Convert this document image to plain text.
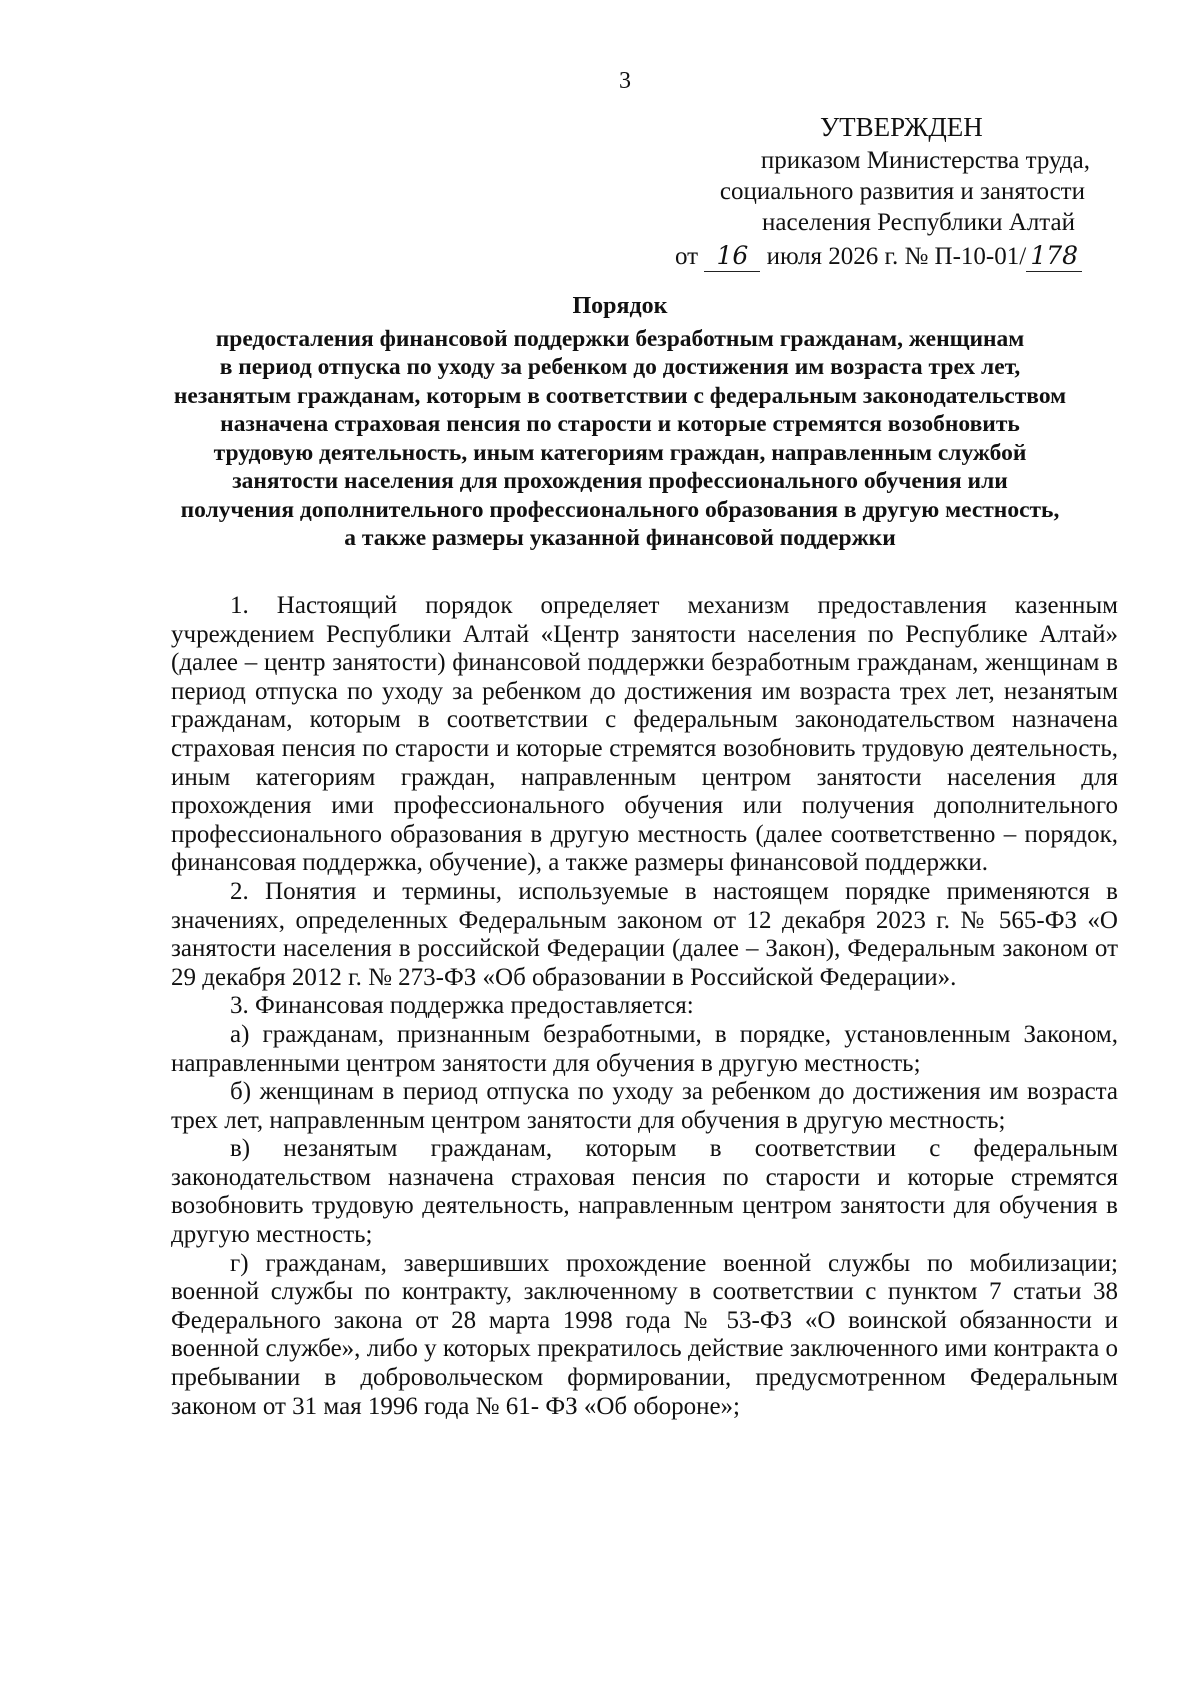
3
УТВЕРЖДЕН
приказом Министерства труда,
социального развития и занятости
населения Республики Алтай
от 16 июля 2026 г. № П-10-01/ 178
Порядок
предосталения финансовой поддержки безработным гражданам, женщинам
в период отпуска по уходу за ребенком до достижения им возраста трех лет,
незанятым гражданам, которым в соответствии с федеральным законодательством
назначена страховая пенсия по старости и которые стремятся возобновить
трудовую деятельность, иным категориям граждан, направленным службой
занятости населения для прохождения профессионального обучения или
получения дополнительного профессионального образования в другую местность,
а также размеры указанной финансовой поддержки

1. Настоящий порядок определяет механизм предоставления казенным учреждением Республики Алтай «Центр занятости населения по Республике Алтай» (далее – центр занятости) финансовой поддержки безработным гражданам, женщинам в период отпуска по уходу за ребенком до достижения им возраста трех лет, незанятым гражданам, которым в соответствии с федеральным законодательством назначена страховая пенсия по старости и которые стремятся возобновить трудовую деятельность, иным категориям граждан, направленным центром занятости населения для прохождения ими профессионального обучения или получения дополнительного профессионального образования в другую местность (далее соответственно – порядок, финансовая поддержка, обучение), а также размеры финансовой поддержки.

2. Понятия и термины, используемые в настоящем порядке применяются в значениях, определенных Федеральным законом от 12 декабря 2023 г. № 565-ФЗ «О занятости населения в российской Федерации (далее – Закон), Федеральным законом от 29 декабря 2012 г. № 273-ФЗ «Об образовании в Российской Федерации».

3. Финансовая поддержка предоставляется:

а) гражданам, признанным безработными, в порядке, установленным Законом, направленными центром занятости для обучения в другую местность;

б) женщинам в период отпуска по уходу за ребенком до достижения им возраста трех лет, направленным центром занятости для обучения в другую местность;

в) незанятым гражданам, которым в соответствии с федеральным законодательством назначена страховая пенсия по старости и которые стремятся возобновить трудовую деятельность, направленным центром занятости для обучения в другую местность;

г) гражданам, завершивших прохождение военной службы по мобилизации; военной службы по контракту, заключенному в соответствии с пунктом 7 статьи 38 Федерального закона от 28 марта 1998 года № 53-ФЗ «О воинской обязанности и военной службе», либо у которых прекратилось действие заключенного ими контракта о пребывании в добровольческом формировании, предусмотренном Федеральным законом от 31 мая 1996 года № 61- ФЗ «Об обороне»;
